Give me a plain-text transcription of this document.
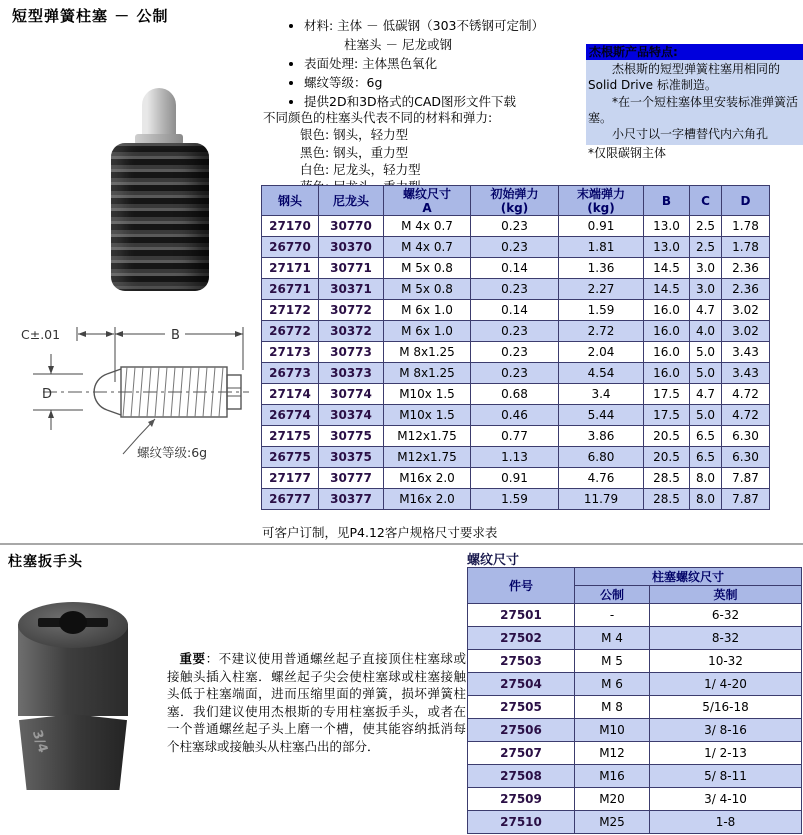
短型弹簧柱塞 － 公制
• 材料: 主体 － 低碳钢（303不锈钢可定制）
柱塞头 － 尼龙或钢
• 表面处理: 主体黑色氧化
• 螺纹等级：6g
• 提供2D和3D格式的CAD图形文件下载
不同颜色的柱塞头代表不同的材料和弹力:
银色: 钢头，轻力型
黑色: 钢头，重力型
白色: 尼龙头，轻力型
杰根斯产品特点:
杰根斯的短型弹簧柱塞用相同的Solid Drive 标准制造。
*在一个短柱塞体里安装标准弹簧活塞。
小尺寸以一字槽替代内六角孔
*仅限碳钢主体
C±.01	B
D
螺纹等级:6g
钢头	尼龙头	螺纹尺寸
A

初始弹力
(kg)

末端弹力
(kg)	B	C	D

27170	30770	M 4x 0.7	0.23	0.91	13.0	2.5	1.78
26770	30370	M 4x 0.7	0.23	1.81	13.0	2.5	1.78
27171	30771	M 5x 0.8	0.14	1.36	14.5	3.0	2.36
26771	30371	M 5x 0.8	0.23	2.27	14.5	3.0	2.36
27172	30772	M 6x 1.0	0.14	1.59	16.0	4.7	3.02
26772	30372	M 6x 1.0	0.23	2.72	16.0	4.0	3.02
27173	30773	M 8x1.25	0.23	2.04	16.0	5.0	3.43
26773	30373	M 8x1.25	0.23	4.54	16.0	5.0	3.43
27174	30774	M10x 1.5	0.68	3.4	17.5	4.7	4.72
26774	30374	M10x 1.5	0.46	5.44	17.5	5.0	4.72
27175	30775	M12x1.75	0.77	3.86	20.5	6.5	6.30
26775	30375	M12x1.75	1.13	6.80	20.5	6.5	6.30
27177	30777	M16x 2.0	0.91	4.76	28.5	8.0	7.87
26777	30377	M16x 2.0	1.59	11.79	28.5	8.0	7.87
可客户订制，见P4.12客户规格尺寸要求表
柱塞扳手头
3/4
重要：不建议使用普通螺丝起子直接顶住柱塞球或接触头插入柱塞．螺丝起子尖会使柱塞球或柱塞接触头低于柱塞端面，进而压缩里面的弹簧，损坏弹簧柱塞．我们建议使用杰根斯的专用柱塞扳手头，或者在一个普通螺丝起子头上磨一个槽，使其能容纳抵消每个柱塞球或接触头从柱塞凸出的部分．
螺纹尺寸
件号	柱塞螺纹尺寸	
	公制	英制
27501	-	6-32
27502	M 4	8-32
27503	M 5	10-32
27504	M 6	1/ 4-20
27505	M 8	5/16-18
27506	M10	3/ 8-16
27507	M12	1/ 2-13
27508	M16	5/ 8-11
27509	M20	3/ 4-10
27510	M25	1-8
